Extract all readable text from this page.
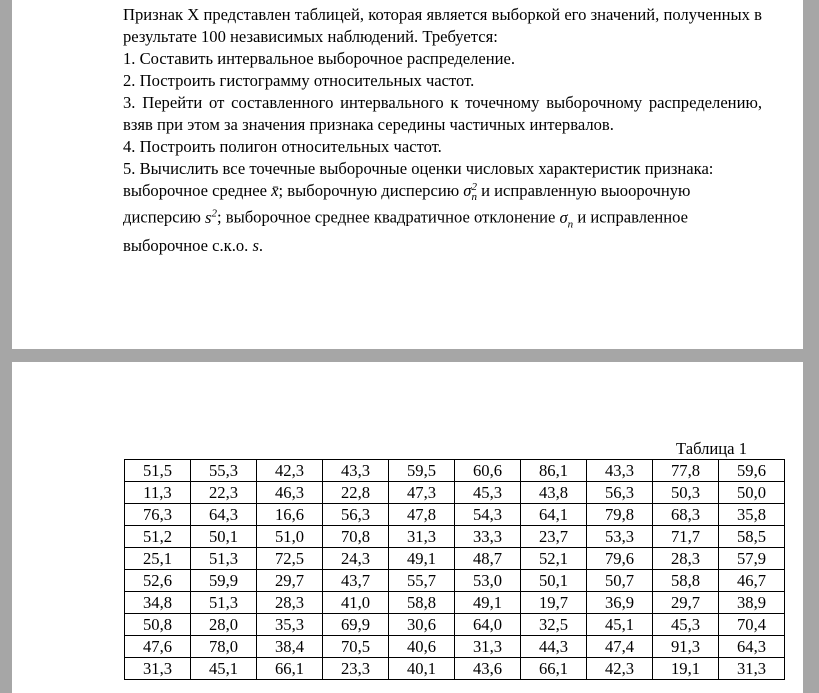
Признак X представлен таблицей, которая является выборкой его значений, полученных в результате 100 независимых наблюдений. Требуется:

1. Составить интервальное выборочное распределение.

2. Построить гистограмму относительных частот.

3. Перейти от составленного интервального к точечному выборочному распределению, взяв при этом за значения признака середины частичных интервалов.

4. Построить полигон относительных частот.

5. Вычислить все точечные выборочные оценки числовых характеристик признака: выборочное среднее x̄; выборочную дисперсию σ 2
n и исправленную выоорочную дисперсию $s^2$; выборочное среднее квадратичное отклонение $\sigma_n$ и исправленное выборочное с.к.о. s.

Таблица 1
51,5	55,3	42,3	43,3	59,5	60,6	86,1	43,3	77,8	59,6
11,3	22,3	46,3	22,8	47,3	45,3	43,8	56,3	50,3	50,0
76,3	64,3	16,6	56,3	47,8	54,3	64,1	79,8	68,3	35,8
51,2	50,1	51,0	70,8	31,3	33,3	23,7	53,3	71,7	58,5
25,1	51,3	72,5	24,3	49,1	48,7	52,1	79,6	28,3	57,9
52,6	59,9	29,7	43,7	55,7	53,0	50,1	50,7	58,8	46,7
34,8	51,3	28,3	41,0	58,8	49,1	19,7	36,9	29,7	38,9
50,8	28,0	35,3	69,9	30,6	64,0	32,5	45,1	45,3	70,4
47,6	78,0	38,4	70,5	40,6	31,3	44,3	47,4	91,3	64,3
31,3	45,1	66,1	23,3	40,1	43,6	66,1	42,3	19,1	31,3
